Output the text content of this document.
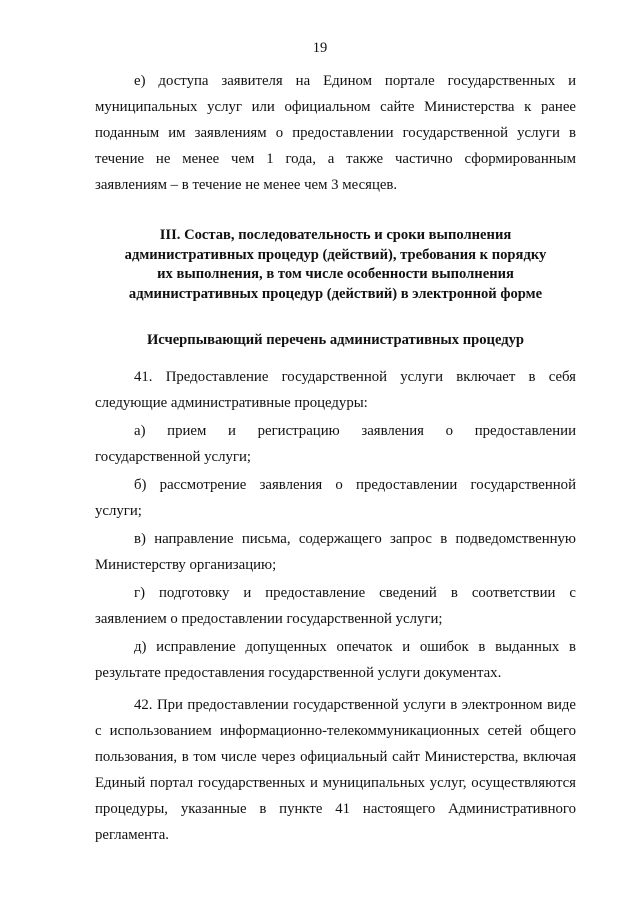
19

е) доступа заявителя на Едином портале государственных и муниципальных услуг или официальном сайте Министерства к ранее поданным им заявлениям о предоставлении государственной услуги в течение не менее чем 1 года, а также частично сформированным заявлениям – в течение не менее чем 3 месяцев.

III. Состав, последовательность и сроки выполнения
административных процедур (действий), требования к порядку
их выполнения, в том числе особенности выполнения
административных процедур (действий) в электронной форме
Исчерпывающий перечень административных процедур

41. Предоставление государственной услуги включает в себя следующие административные процедуры:

а) прием и регистрацию заявления о предоставлении государственной услуги;

б) рассмотрение заявления о предоставлении государственной услуги;

в) направление письма, содержащего запрос в подведомственную Министерству организацию;

г) подготовку и предоставление сведений в соответствии с заявлением о предоставлении государственной услуги;

д) исправление допущенных опечаток и ошибок в выданных в результате предоставления государственной услуги документах.

42. При предоставлении государственной услуги в электронном виде с использованием информационно-телекоммуникационных сетей общего пользования, в том числе через официальный сайт Министерства, включая Единый портал государственных и муниципальных услуг, осуществляются процедуры, указанные в пункте 41 настоящего Административного регламента.
